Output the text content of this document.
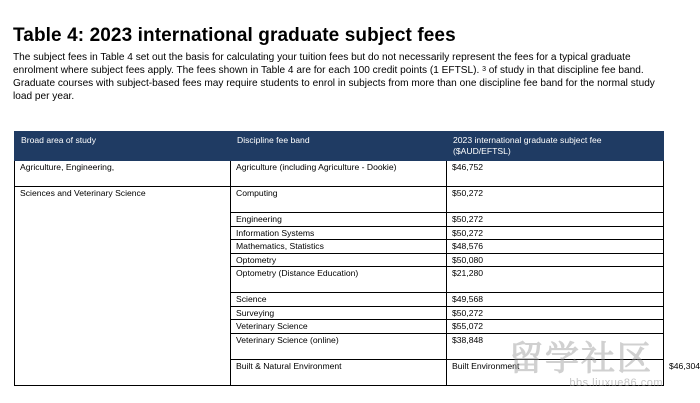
Table 4: 2023 international graduate subject fees

The subject fees in Table 4 set out the basis for calculating your tuition fees but do not necessarily represent the fees for a typical graduate enrolment where subject fees apply. The fees shown in Table 4 are for each 100 credit points (1 EFTSL). $^3$ of study in that discipline fee band. Graduate courses with subject-based fees may require students to enrol in subjects from more than one discipline fee band for the normal study load per year.

Broad area of study	Discipline fee band	2023 international graduate subject fee
($AUD/EFTSL)	
Agriculture, Engineering,	Agriculture (including Agriculture - Dookie)	$46,752	
Sciences and Veterinary Science	Computing	$50,272	
	Engineering	$50,272	
	Information Systems	$50,272	
	Mathematics, Statistics	$48,576	
	Optometry	$50,080	
	Optometry (Distance Education)	$21,280	
	Science	$49,568	
	Surveying	$50,272	
	Veterinary Science	$55,072	
	Veterinary Science (online)	$38,848	
	Built & Natural Environment	Built Environment	$46,304
留学社区
bbs.liuxue86.com
